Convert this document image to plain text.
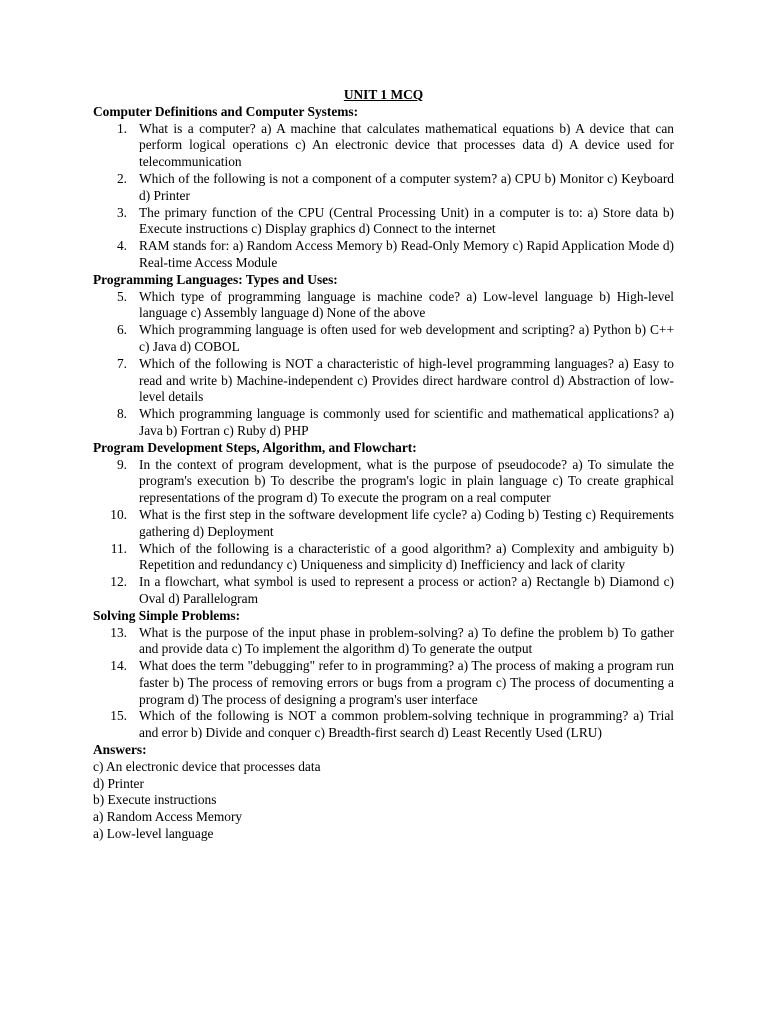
UNIT 1 MCQ

Computer Definitions and Computer Systems:

1. What is a computer? a) A machine that calculates mathematical equations b) A device that can perform logical operations c) An electronic device that processes data d) A device used for telecommunication
2. Which of the following is not a component of a computer system? a) CPU b) Monitor c) Keyboard d) Printer
3. The primary function of the CPU (Central Processing Unit) in a computer is to: a) Store data b) Execute instructions c) Display graphics d) Connect to the internet
4. RAM stands for: a) Random Access Memory b) Read-Only Memory c) Rapid Application Mode d) Real-time Access Module

Programming Languages: Types and Uses:

5. Which type of programming language is machine code? a) Low-level language b) High-level language c) Assembly language d) None of the above
6. Which programming language is often used for web development and scripting? a) Python b) C++ c) Java d) COBOL
7. Which of the following is NOT a characteristic of high-level programming languages? a) Easy to read and write b) Machine-independent c) Provides direct hardware control d) Abstraction of low-level details
8. Which programming language is commonly used for scientific and mathematical applications? a) Java b) Fortran c) Ruby d) PHP

Program Development Steps, Algorithm, and Flowchart:

9. In the context of program development, what is the purpose of pseudocode? a) To simulate the program's execution b) To describe the program's logic in plain language c) To create graphical representations of the program d) To execute the program on a real computer
10. What is the first step in the software development life cycle? a) Coding b) Testing c) Requirements gathering d) Deployment
11. Which of the following is a characteristic of a good algorithm? a) Complexity and ambiguity b) Repetition and redundancy c) Uniqueness and simplicity d) Inefficiency and lack of clarity
12. In a flowchart, what symbol is used to represent a process or action? a) Rectangle b) Diamond c) Oval d) Parallelogram

Solving Simple Problems:

13. What is the purpose of the input phase in problem-solving? a) To define the problem b) To gather and provide data c) To implement the algorithm d) To generate the output
14. What does the term "debugging" refer to in programming? a) The process of making a program run faster b) The process of removing errors or bugs from a program c) The process of documenting a program d) The process of designing a program's user interface
15. Which of the following is NOT a common problem-solving technique in programming? a) Trial and error b) Divide and conquer c) Breadth-first search d) Least Recently Used (LRU)

Answers:

c) An electronic device that processes data

d) Printer

b) Execute instructions

a) Random Access Memory

a) Low-level language
